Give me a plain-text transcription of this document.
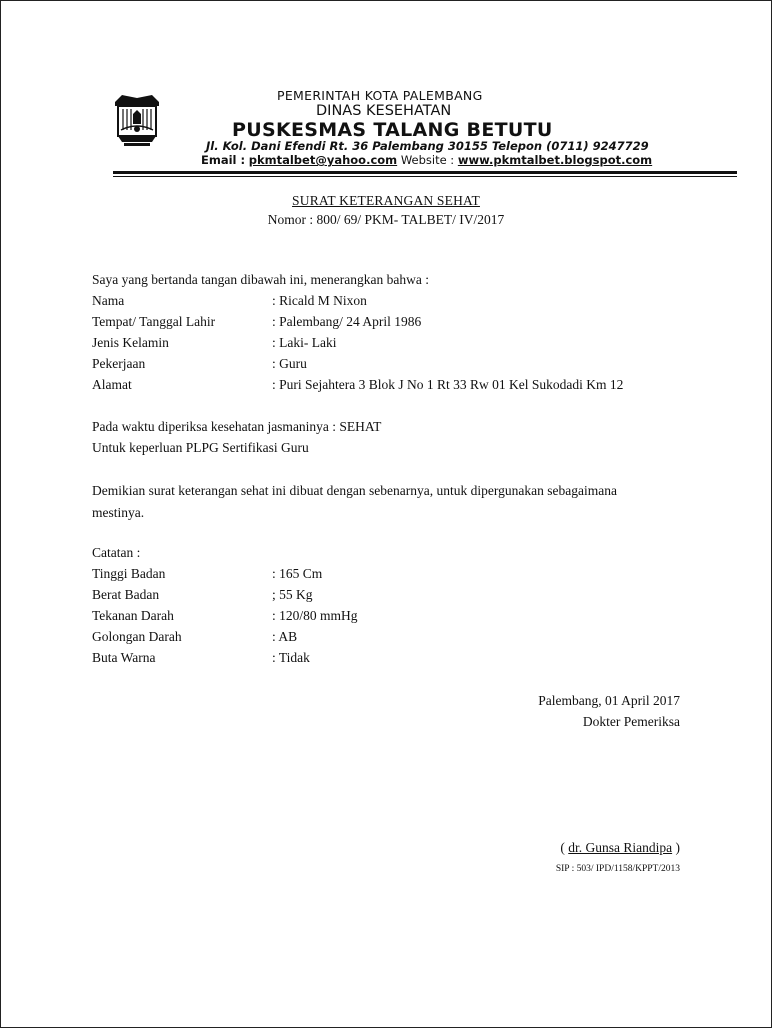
PEMERINTAH KOTA PALEMBANG
DINAS KESEHATAN
PUSKESMAS TALANG BETUTU
Jl. Kol. Dani Efendi Rt. 36 Palembang 30155 Telepon (0711) 9247729
Email : pkmtalbet@yahoo.com Website : www.pkmtalbet.blogspot.com
SURAT KETERANGAN SEHAT
Nomor : 800/ 69/ PKM- TALBET/ IV/2017
Saya yang bertanda tangan dibawah ini, menerangkan bahwa :
Nama	: Ricald M Nixon
Tempat/ Tanggal Lahir	: Palembang/ 24 April 1986
Jenis Kelamin	: Laki- Laki
Pekerjaan	: Guru
Alamat	: Puri Sejahtera 3 Blok J No 1 Rt 33 Rw 01 Kel Sukodadi Km 12
Pada waktu diperiksa kesehatan jasmaninya : SEHAT
Untuk keperluan PLPG Sertifikasi Guru
Demikian surat keterangan sehat ini dibuat dengan sebenarnya, untuk dipergunakan sebagaimana
mestinya.
Catatan :
Tinggi Badan	: 165 Cm
Berat Badan	; 55 Kg
Tekanan Darah	: 120/80 mmHg
Golongan Darah	: AB
Buta Warna	: Tidak
Palembang, 01 April 2017
Dokter Pemeriksa
( dr. Gunsa Riandipa )
SIP : 503/ IPD/1158/KPPT/2013
